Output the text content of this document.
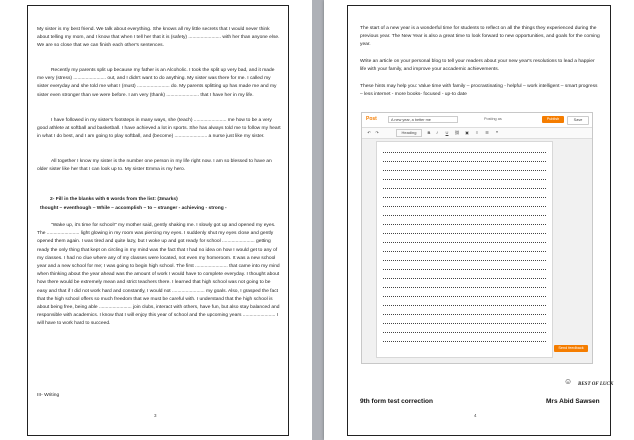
My sister is my best friend. We talk about everything. She knows all my little secrets that I would never think about telling my mom, and I know that when I tell her that it is (safety) ........................ with her than anyone else. We are so close that we can finish each other's sentences.
Recently my parents split up because my father is an Alcoholic. I took the split up very bad, and it made me very (stress) ........................ out, and I didn't want to do anything. My sister was there for me. I called my sister everyday and she told me what I (must) ........................ do. My parents splitting up has made me and my sister even stronger than we were before. I am very (thank) ........................ that I have her in my life.
I have followed in my sister's footsteps in many ways, she (teach) ........................ me how to be a very good athlete at softball and basketball. I have achieved a lot in sports. She has always told me to follow my heart in what I do best, and I am going to play softball, and (become) ........................ a nurse just like my sister.
All together I know my sister is the number one person in my life right now. I am so blessed to have an older sister like her that I can look up to. My sister Emma is my hero.
2- Fill in the blanks with 6 words from the list: (3marks)
thought – eventhough – While – accomplish – to – stranger - achieving - strong -
"Wake up, it's time for school!" my mother said, gently shaking me. I slowly got up and opened my eyes. The ........................ light glowing in my room was piercing my eyes. I suddenly shut my eyes close and gently opened them again. I was tired and quite lazy, but I woke up and got ready for school ........................ getting ready the only thing that kept on circling in my mind was the fact that I had no idea on how I would get to any of my classes. I had no clue where any of my classes were located, not even my homeroom. It was a new school year and a new school for me; I was going to begin high school. The first ........................ that came into my mind when thinking about the year ahead was the amount of work I would have to complete everyday. I thought about how there would be extremely mean and strict teachers there. I learned that high school was not going to be easy and that if I did not work hard and constantly, I would not ........................ my goals. Also, I grasped the fact that the high school offers so much freedom that we must be careful with. I understand that the high school is about being free, being able ........................ join clubs, interact with others, have fun, but also stay balanced and responsible with academics. I know that I will enjoy this year of school and the upcoming years ........................ I will have to work hard to succeed.
III- Writing
3
The start of a new year is a wonderful time for students to reflect on all the things they experienced during the previous year. The New Year is also a great time to look forward to new opportunities, and goals for the coming year.
Write an article on your personal blog to tell your readers about your new year's resolutions to lead a happier life with your family, and improve your accademic achievements.
These hints may help you: Value time with family – procrastinating - helpful – work intelligent – smart progress – less internet - more books- focused - up-to date
Post	A new year, a better me	Posting as	Publish	Save
↶	↷	Heading	B	I	U	⛓ ▣	≡	☰	❝
Send feedback
☺ BEST OF LUCK
9th form test correction	Mrs Abid Sawsen
4
